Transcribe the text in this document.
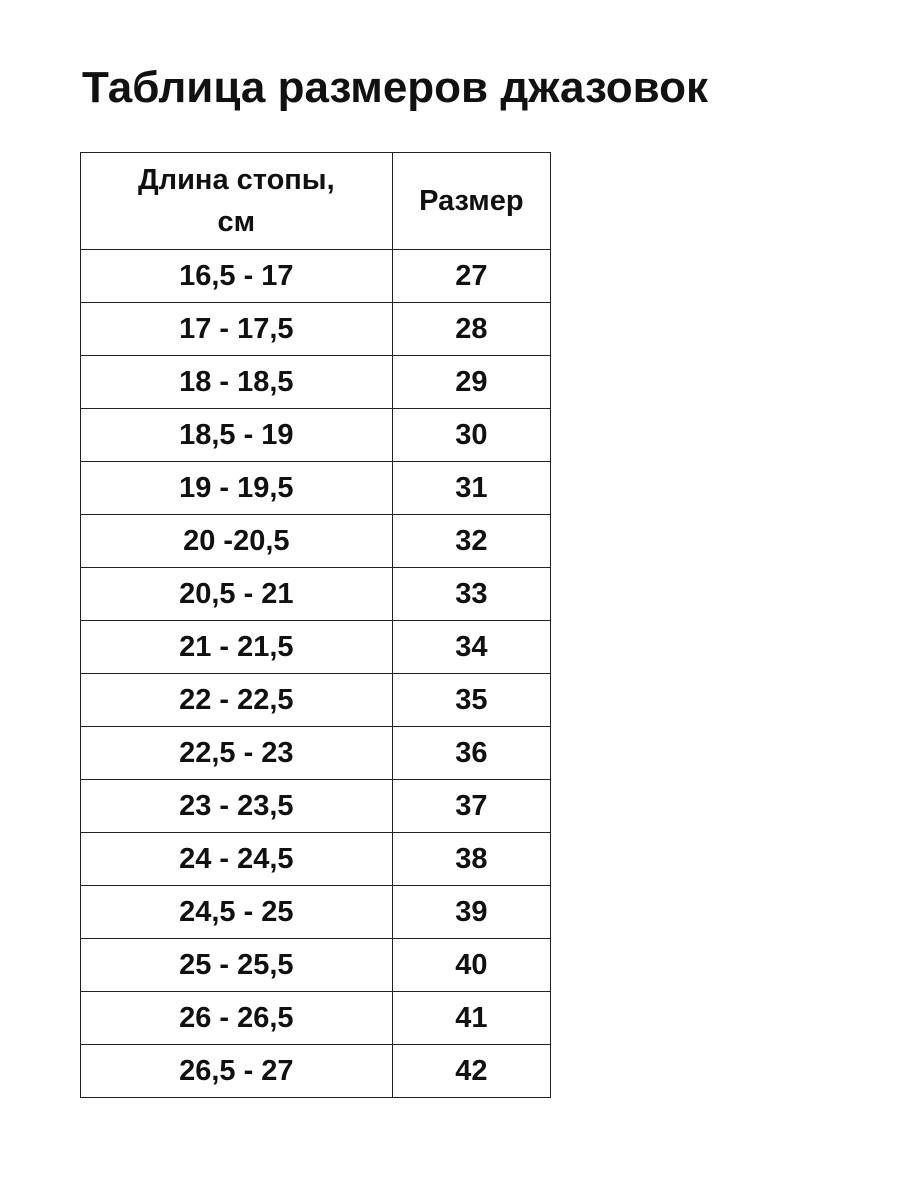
Таблица размеров джазовок
Длина стопы,
см	Размер
16,5 - 17	27
17 - 17,5	28
18 - 18,5	29
18,5 - 19	30
19 - 19,5	31
20 -20,5	32
20,5 - 21	33
21 - 21,5	34
22 - 22,5	35
22,5 - 23	36
23 - 23,5	37
24 - 24,5	38
24,5 - 25	39
25 - 25,5	40
26 - 26,5	41
26,5 - 27	42
